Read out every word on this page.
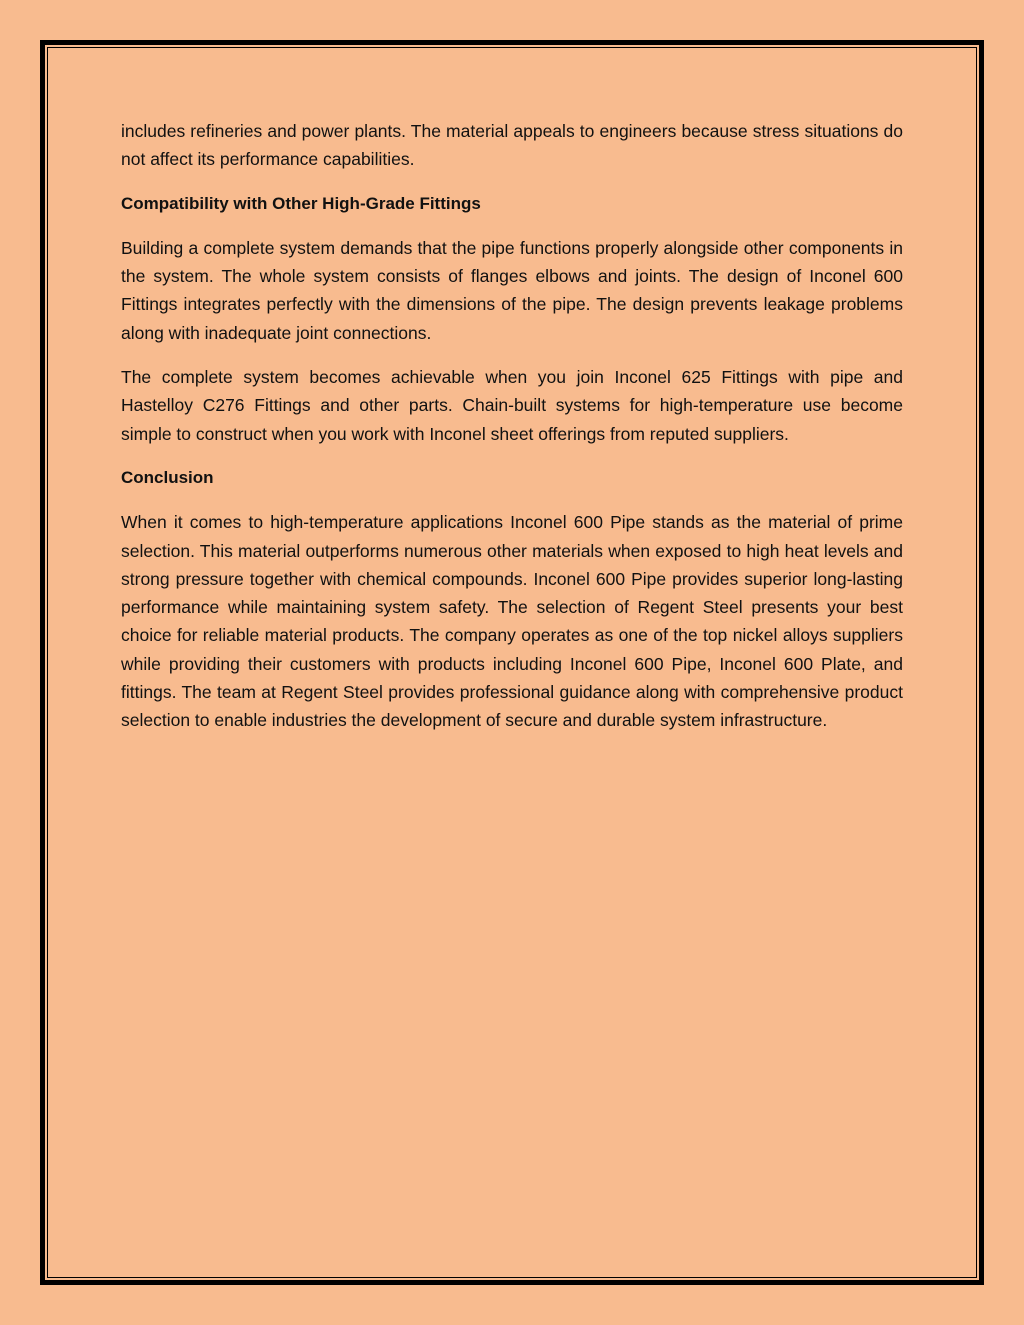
includes refineries and power plants. The material appeals to engineers because stress situations do not affect its performance capabilities.

Compatibility with Other High-Grade Fittings

Building a complete system demands that the pipe functions properly alongside other components in the system. The whole system consists of flanges elbows and joints. The design of Inconel 600 Fittings integrates perfectly with the dimensions of the pipe. The design prevents leakage problems along with inadequate joint connections.

The complete system becomes achievable when you join Inconel 625 Fittings with pipe and Hastelloy C276 Fittings and other parts. Chain-built systems for high-temperature use become simple to construct when you work with Inconel sheet offerings from reputed suppliers.

Conclusion

When it comes to high-temperature applications Inconel 600 Pipe stands as the material of prime selection. This material outperforms numerous other materials when exposed to high heat levels and strong pressure together with chemical compounds. Inconel 600 Pipe provides superior long-lasting performance while maintaining system safety. The selection of Regent Steel presents your best choice for reliable material products. The company operates as one of the top nickel alloys suppliers while providing their customers with products including Inconel 600 Pipe, Inconel 600 Plate, and fittings. The team at Regent Steel provides professional guidance along with comprehensive product selection to enable industries the development of secure and durable system infrastructure.
